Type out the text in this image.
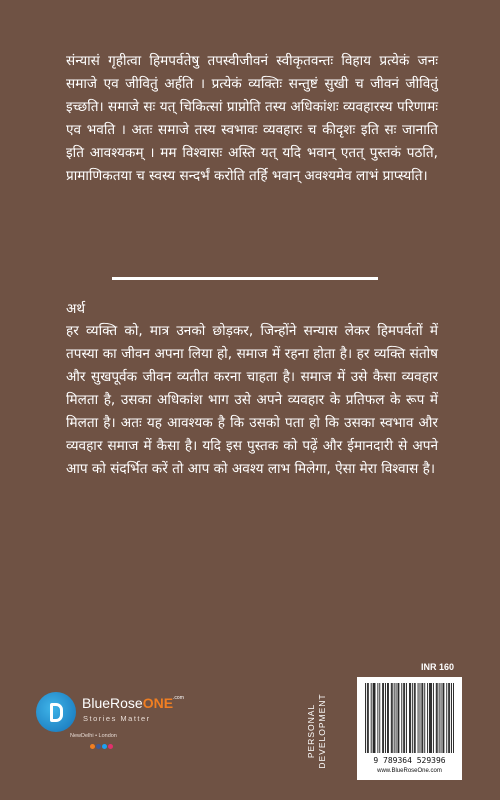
संन्यासं गृहीत्वा हिमपर्वतेषु तपस्वीजीवनं स्वीकृतवन्तः विहाय प्रत्येकं जनः समाजे एव जीवितुं अर्हति । प्रत्येकं व्यक्तिः सन्तुष्टं सुखी च जीवनं जीवितुं इच्छति। समाजे सः यत् चिकित्सां प्राप्नोति तस्य अधिकांशः व्यवहारस्य परिणामः एव भवति । अतः समाजे तस्य स्वभावः व्यवहारः च कीदृशः इति सः जानाति इति आवश्यकम् । मम विश्वासः अस्ति यत् यदि भवान् एतत् पुस्तकं पठति, प्रामाणिकतया च स्वस्य सन्दर्भं करोति तर्हि भवान् अवश्यमेव लाभं प्राप्स्यति।

अर्थ

हर व्यक्ति को, मात्र उनको छोड़कर, जिन्होंने सन्यास लेकर हिमपर्वतों में तपस्या का जीवन अपना लिया हो, समाज में रहना होता है। हर व्यक्ति संतोष और सुखपूर्वक जीवन व्यतीत करना चाहता है। समाज में उसे कैसा व्यवहार मिलता है, उसका अधिकांश भाग उसे अपने व्यवहार के प्रतिफल के रूप में मिलता है। अतः यह आवश्यक है कि उसको पता हो कि उसका स्वभाव और व्यवहार समाज में कैसा है। यदि इस पुस्तक को पढ़ें और ईमानदारी से अपने आप को संदर्भित करें तो आप को अवश्य लाभ मिलेगा, ऐसा मेरा विश्वास है।

BlueRoseONE$^{.com}$
Stories Matter
NewDelhi • London	PERSONAL DEVELOPMENT
INR 160
9 789364 529396
www.BlueRoseOne.com
